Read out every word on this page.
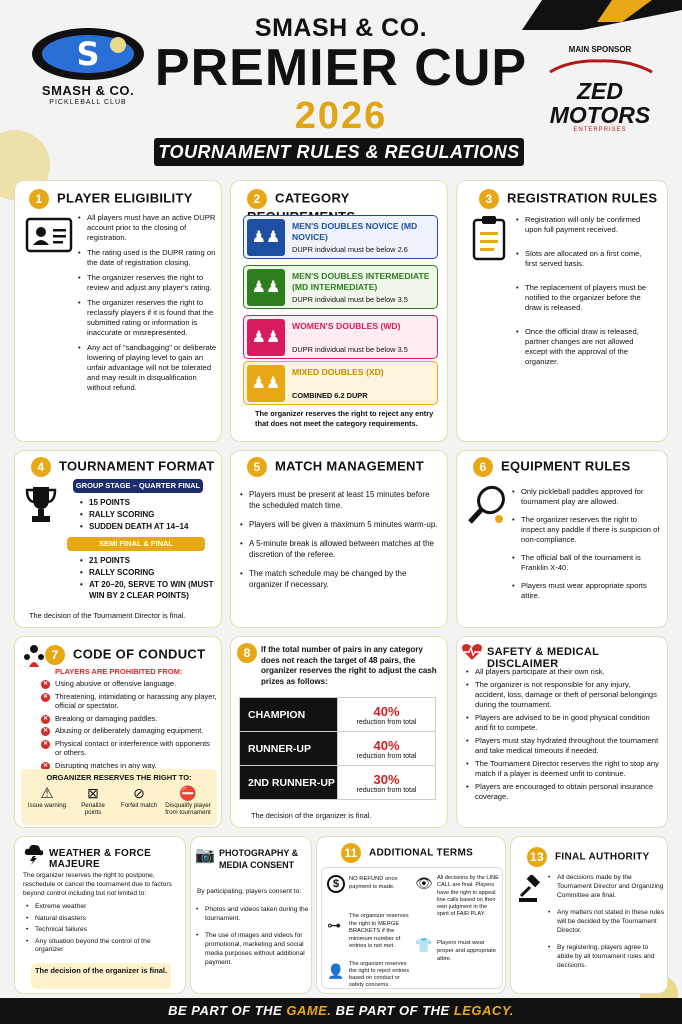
S
SMASH & CO.
PICKLEBALL CLUB
SMASH & CO.
PREMIER CUP
2026
TOURNAMENT RULES & REGULATIONS
MAIN SPONSOR
ZED MOTORS
ENTERPRISES
1 PLAYER ELIGIBILITY
• All players must have an active DUPR account prior to the closing of registration.
• The rating used is the DUPR rating on the date of registration closing.
• The organizer reserves the right to review and adjust any player's rating.
• The organizer reserves the right to reclassify players if it is found that the submitted rating or information is inaccurate or misrepresented.
• Any act of "sandbagging" or deliberate lowering of playing level to gain an unfair advantage will not be tolerated and may result in disqualification without refund.
2 CATEGORY
♟♟
MEN'S DOUBLES NOVICE (MD NOVICE)
DUPR individual must be below 2.6
♟♟
MEN'S DOUBLES INTERMEDIATE (MD INTERMEDIATE)
DUPR individual must be below 3.5
♟♟
WOMEN'S DOUBLES (WD)
DUPR individual must be below 3.5
♟♟
MIXED DOUBLES (XD)
COMBINED 6.2 DUPR
The organizer reserves the right to reject any entry that does not meet the category requirements.
3 REGISTRATION RULES
• Registration will only be confirmed upon full payment received.
• Slots are allocated on a first come, first served basis.
• The replacement of players must be notified to the organizer before the draw is released.
• Once the official draw is released, partner changes are not allowed except with the approval of the organizer.
4 TOURNAMENT FORMAT
GROUP STAGE – QUARTER FINAL
• 15 POINTS
• RALLY SCORING
• SUDDEN DEATH AT 14–14
SEMI FINAL & FINAL
• 21 POINTS
• RALLY SCORING
• AT 20–20, SERVE TO WIN (MUST WIN BY 2 CLEAR POINTS)
The decision of the Tournament Director is final.
5 MATCH MANAGEMENT
• Players must be present at least 15 minutes before the scheduled match time.
• Players will be given a maximum 5 minutes warm-up.
• A 5-minute break is allowed between matches at the discretion of the referee.
• The match schedule may be changed by the organizer if necessary.
6 EQUIPMENT RULES
• Only pickleball paddles approved for tournament play are allowed.
• The organizer reserves the right to inspect any paddle if there is suspicion of non-compliance.
• The official ball of the tournament is Franklin X-40.
• Players must wear appropriate sports attire.
7 CODE OF CONDUCT
PLAYERS ARE PROHIBITED FROM:
✕ Using abusive or offensive language.
✕ Threatening, intimidating or harassing any player, official or spectator.
✕ Breaking or damaging paddles.
✕ Abusing or deliberately damaging equipment.
✕ Physical contact or interference with opponents or others.
✕ Disrupting matches in any way.
ORGANIZER RESERVES THE RIGHT TO:
⚠
Issue warning
⊠
Penalize points
⊘
Forfeit match
⛔
Disqualify player from tournament
8	If the total number of pairs in any category does not reach the target of 48 pairs, the organizer reserves the right to adjust the cash prizes as follows:
CHAMPION	40%
reduction from total

RUNNER-UP	40%
reduction from total

2ND RUNNER-UP	30%
reduction from total
The decision of the organizer is final.
SAFETY & MEDICAL DISCLAIMER
• All players participate at their own risk.
• The organizer is not responsible for any injury, accident, loss, damage or theft of personal belongings during the tournament.
• Players are advised to be in good physical condition and fit to compete.
• Players must stay hydrated throughout the tournament and take medical timeouts if needed.
• The Tournament Director reserves the right to stop any match if a player is deemed unfit to continue.
• Players are encouraged to obtain personal insurance coverage.
WEATHER & FORCE MAJEURE
The organizer reserves the right to postpone, reschedule or cancel the tournament due to factors beyond control including but not limited to:
• Extreme weather
• Natural disasters
• Technical failures
• Any situation beyond the control of the organizer
The decision of the organizer is final.
📷 PHOTOGRAPHY & MEDIA CONSENT
By participating, players consent to:
• Photos and videos taken during the tournament.
• The use of images and videos for promotional, marketing and social media purposes without additional payment.
11 ADDITIONAL TERMS
$	NO REFUND once payment is made.
⊶
The organizer reserves the right to MERGE BRACKETS if the minimum number of entries is not met.
👤 The organizer reserves the right to reject entries based on conduct or safety concerns.
👁 All decisions by the LINE CALL are final. Players have the right to appeal line calls based on their own judgment in the spirit of FAIR PLAY.
👕 Players must wear proper and appropriate attire.
13 FINAL AUTHORITY
• All decisions made by the Tournament Director and Organizing Committee are final.
• Any matters not stated in these rules will be decided by the Tournament Director.
• By registering, players agree to abide by all tournament rules and decisions.
BE PART OF THE GAME. BE PART OF THE LEGACY.
